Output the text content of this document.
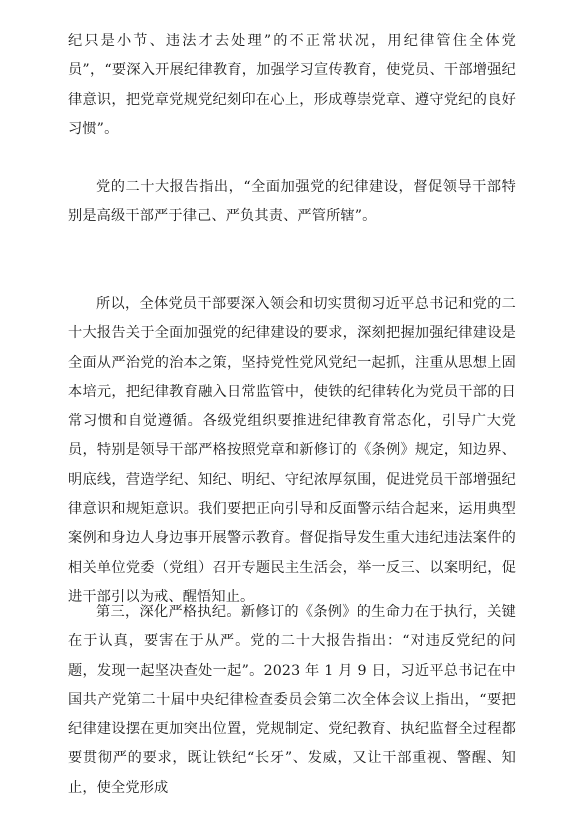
纪只是小节、违法才去处理”的不正常状况，用纪律管住全体党员”，“要深入开展纪律教育，加强学习宣传教育，使党员、干部增强纪律意识，把党章党规党纪刻印在心上，形成尊崇党章、遵守党纪的良好习惯”。

党的二十大报告指出，“全面加强党的纪律建设，督促领导干部特别是高级干部严于律己、严负其责、严管所辖”。

所以，全体党员干部要深入领会和切实贯彻习近平总书记和党的二十大报告关于全面加强党的纪律建设的要求，深刻把握加强纪律建设是全面从严治党的治本之策，坚持党性党风党纪一起抓，注重从思想上固本培元，把纪律教育融入日常监管中，使铁的纪律转化为党员干部的日常习惯和自觉遵循。各级党组织要推进纪律教育常态化，引导广大党员，特别是领导干部严格按照党章和新修订的《条例》规定，知边界、明底线，营造学纪、知纪、明纪、守纪浓厚氛围，促进党员干部增强纪律意识和规矩意识。我们要把正向引导和反面警示结合起来，运用典型案例和身边人身边事开展警示教育。督促指导发生重大违纪违法案件的相关单位党委（党组）召开专题民主生活会，举一反三、以案明纪，促进干部引以为戒、醒悟知止。

第三，深化严格执纪。新修订的《条例》的生命力在于执行，关键在于认真，要害在于从严。党的二十大报告指出：“对违反党纪的问题，发现一起坚决查处一起”。2023 年 1 月 9 日，习近平总书记在中国共产党第二十届中央纪律检查委员会第二次全体会议上指出，“要把纪律建设摆在更加突出位置，党规制定、党纪教育、执纪监督全过程都要贯彻严的要求，既让铁纪“长牙”、发威，又让干部重视、警醒、知止，使全党形成
